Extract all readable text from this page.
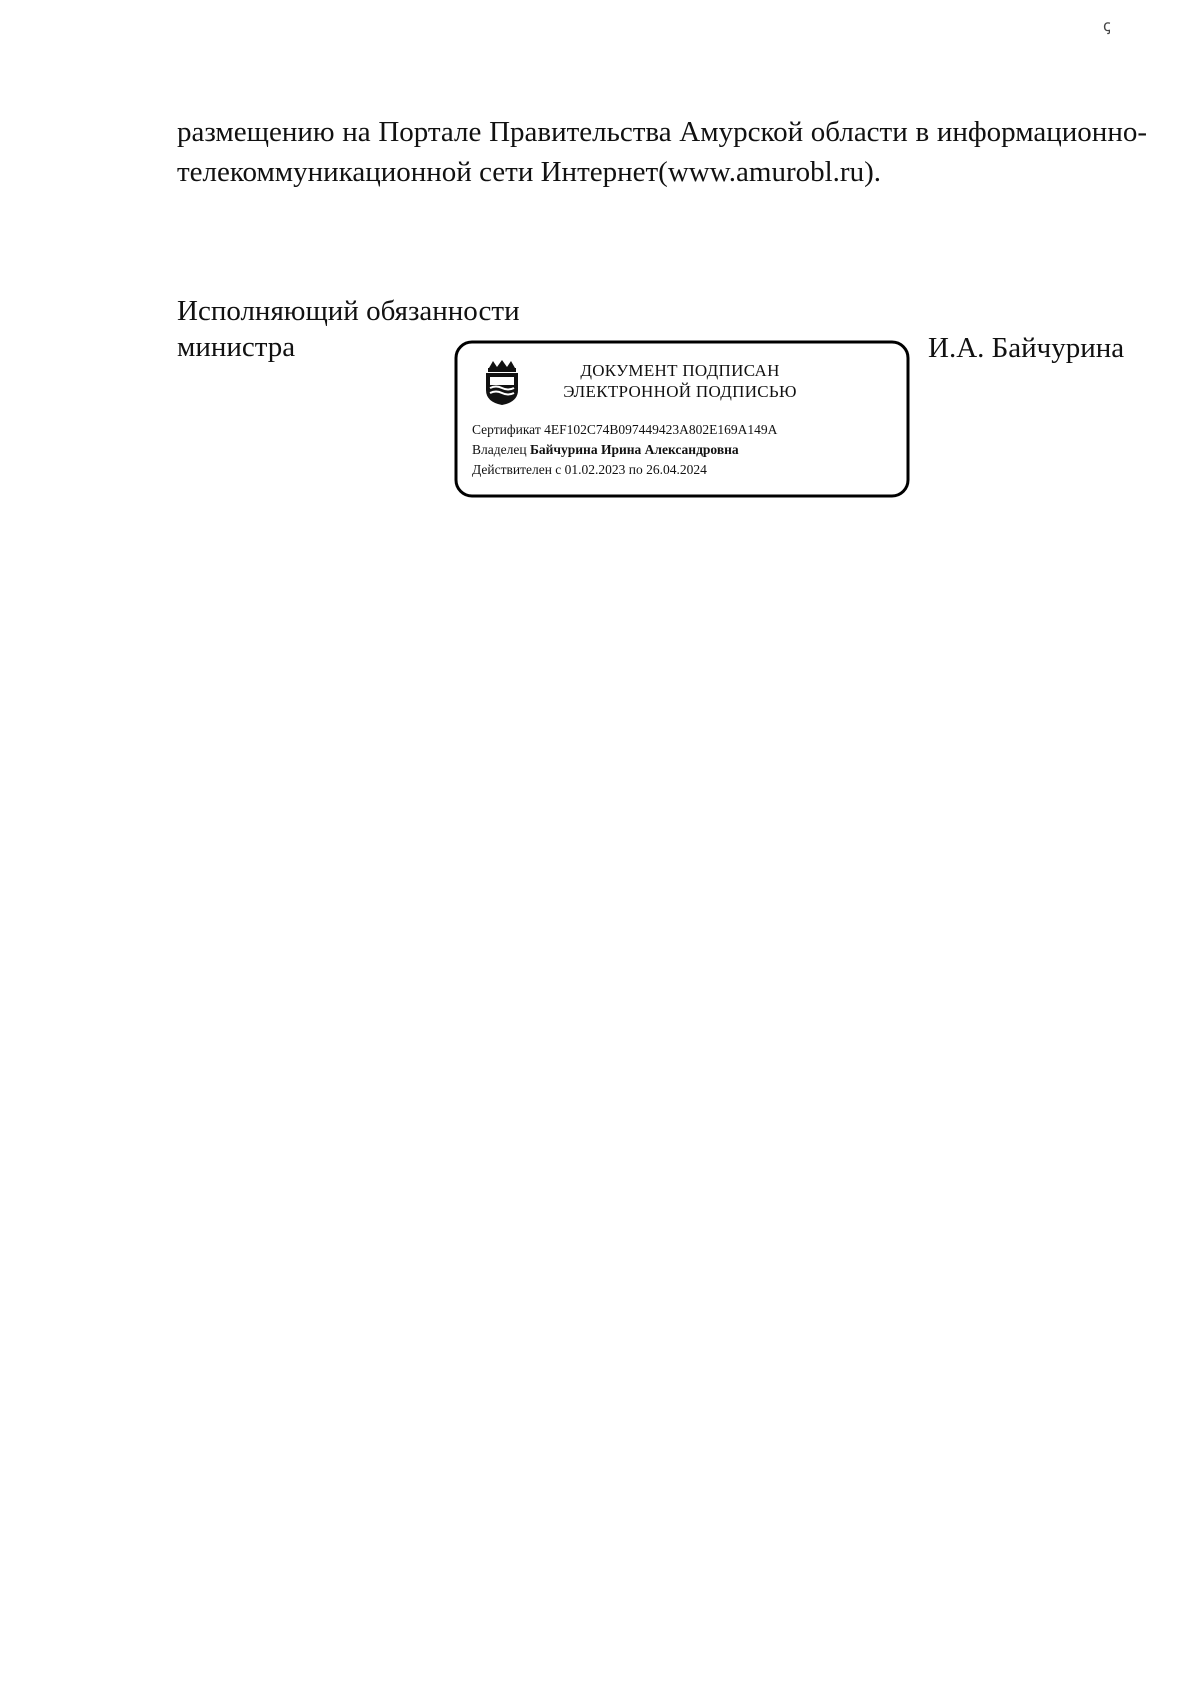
ꞔ
размещению на Портале Правительства Амурской области в информационно-
телекоммуникационной сети Интернет(www.amurobl.ru).
Исполняющий обязанности
министра	И.А. Байчурина
ДОКУМЕНТ ПОДПИСАН
ЭЛЕКТРОННОЙ ПОДПИСЬЮ
Сертификат 4EF102C74B097449423A802E169A149A
Владелец Байчурина Ирина Александровна
Действителен с 01.02.2023 по 26.04.2024
